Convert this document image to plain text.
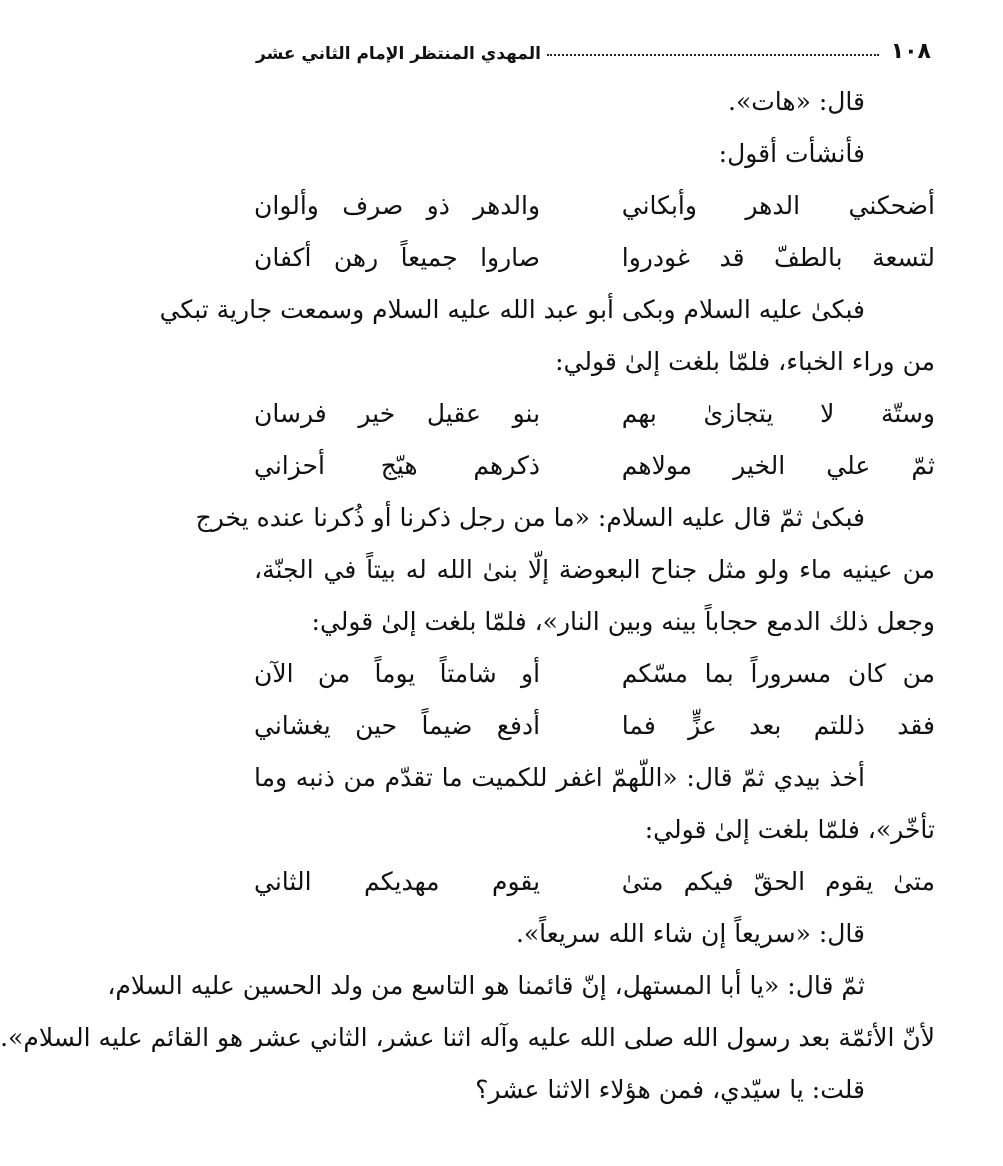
١٠٨
المهدي المنتظر الإمام الثاني عشر
قال: «هات».
فأنشأت أقول:
أضحكني الدهر وأبكاني
والدهر ذو صرف وألوان
لتسعة بالطفّ قد غودروا
صاروا جميعاً رهن أكفان
فبكىٰ عليه السلام وبكى أبو عبد الله عليه السلام وسمعت جارية تبكي
من وراء الخباء، فلمّا بلغت إلىٰ قولي:
وستّة لا يتجازىٰ بهم
بنو عقيل خير فرسان
ثمّ علي الخير مولاهم
ذكرهم هيّج أحزاني
فبكىٰ ثمّ قال عليه السلام: «ما من رجل ذكرنا أو ذُكرنا عنده يخرج
من عينيه ماء ولو مثل جناح البعوضة إلّا بنىٰ الله له بيتاً في الجنّة،
وجعل ذلك الدمع حجاباً بينه وبين النار»، فلمّا بلغت إلىٰ قولي:
من كان مسروراً بما مسّكم
أو شامتاً يوماً من الآن
فقد ذللتم بعد عزٍّ فما
أدفع ضيماً حين يغشاني
أخذ بيدي ثمّ قال: «اللّهمّ اغفر للكميت ما تقدّم من ذنبه وما
تأخّر»، فلمّا بلغت إلىٰ قولي:
متىٰ يقوم الحقّ فيكم متىٰ
يقوم مهديكم الثاني
قال: «سريعاً إن شاء الله سريعاً».
ثمّ قال: «يا أبا المستهل، إنّ قائمنا هو التاسع من ولد الحسين عليه السلام،
لأنّ الأئمّة بعد رسول الله صلى الله عليه وآله اثنا عشر، الثاني عشر هو القائم عليه السلام».
قلت: يا سيّدي، فمن هؤلاء الاثنا عشر؟
